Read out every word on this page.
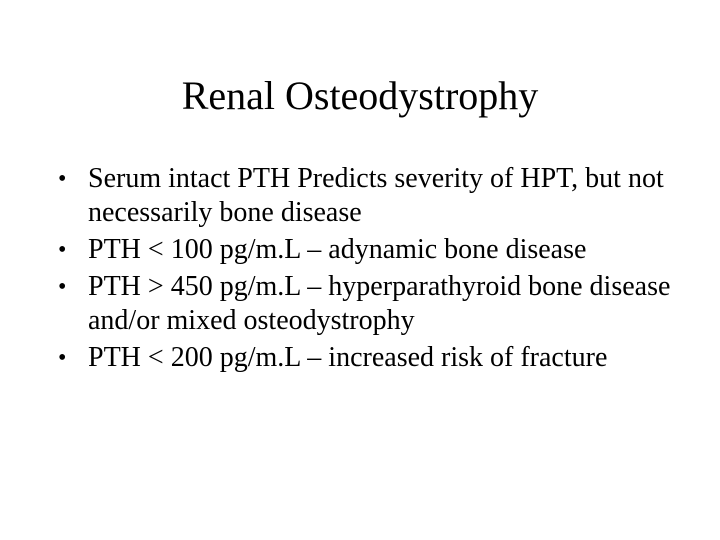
Renal Osteodystrophy
• Serum intact PTH Predicts severity of HPT, but not necessarily bone disease
• PTH < 100 pg/m.L – adynamic bone disease
• PTH > 450 pg/m.L – hyperparathyroid bone disease and/or mixed osteodystrophy
• PTH < 200 pg/m.L – increased risk of fracture
